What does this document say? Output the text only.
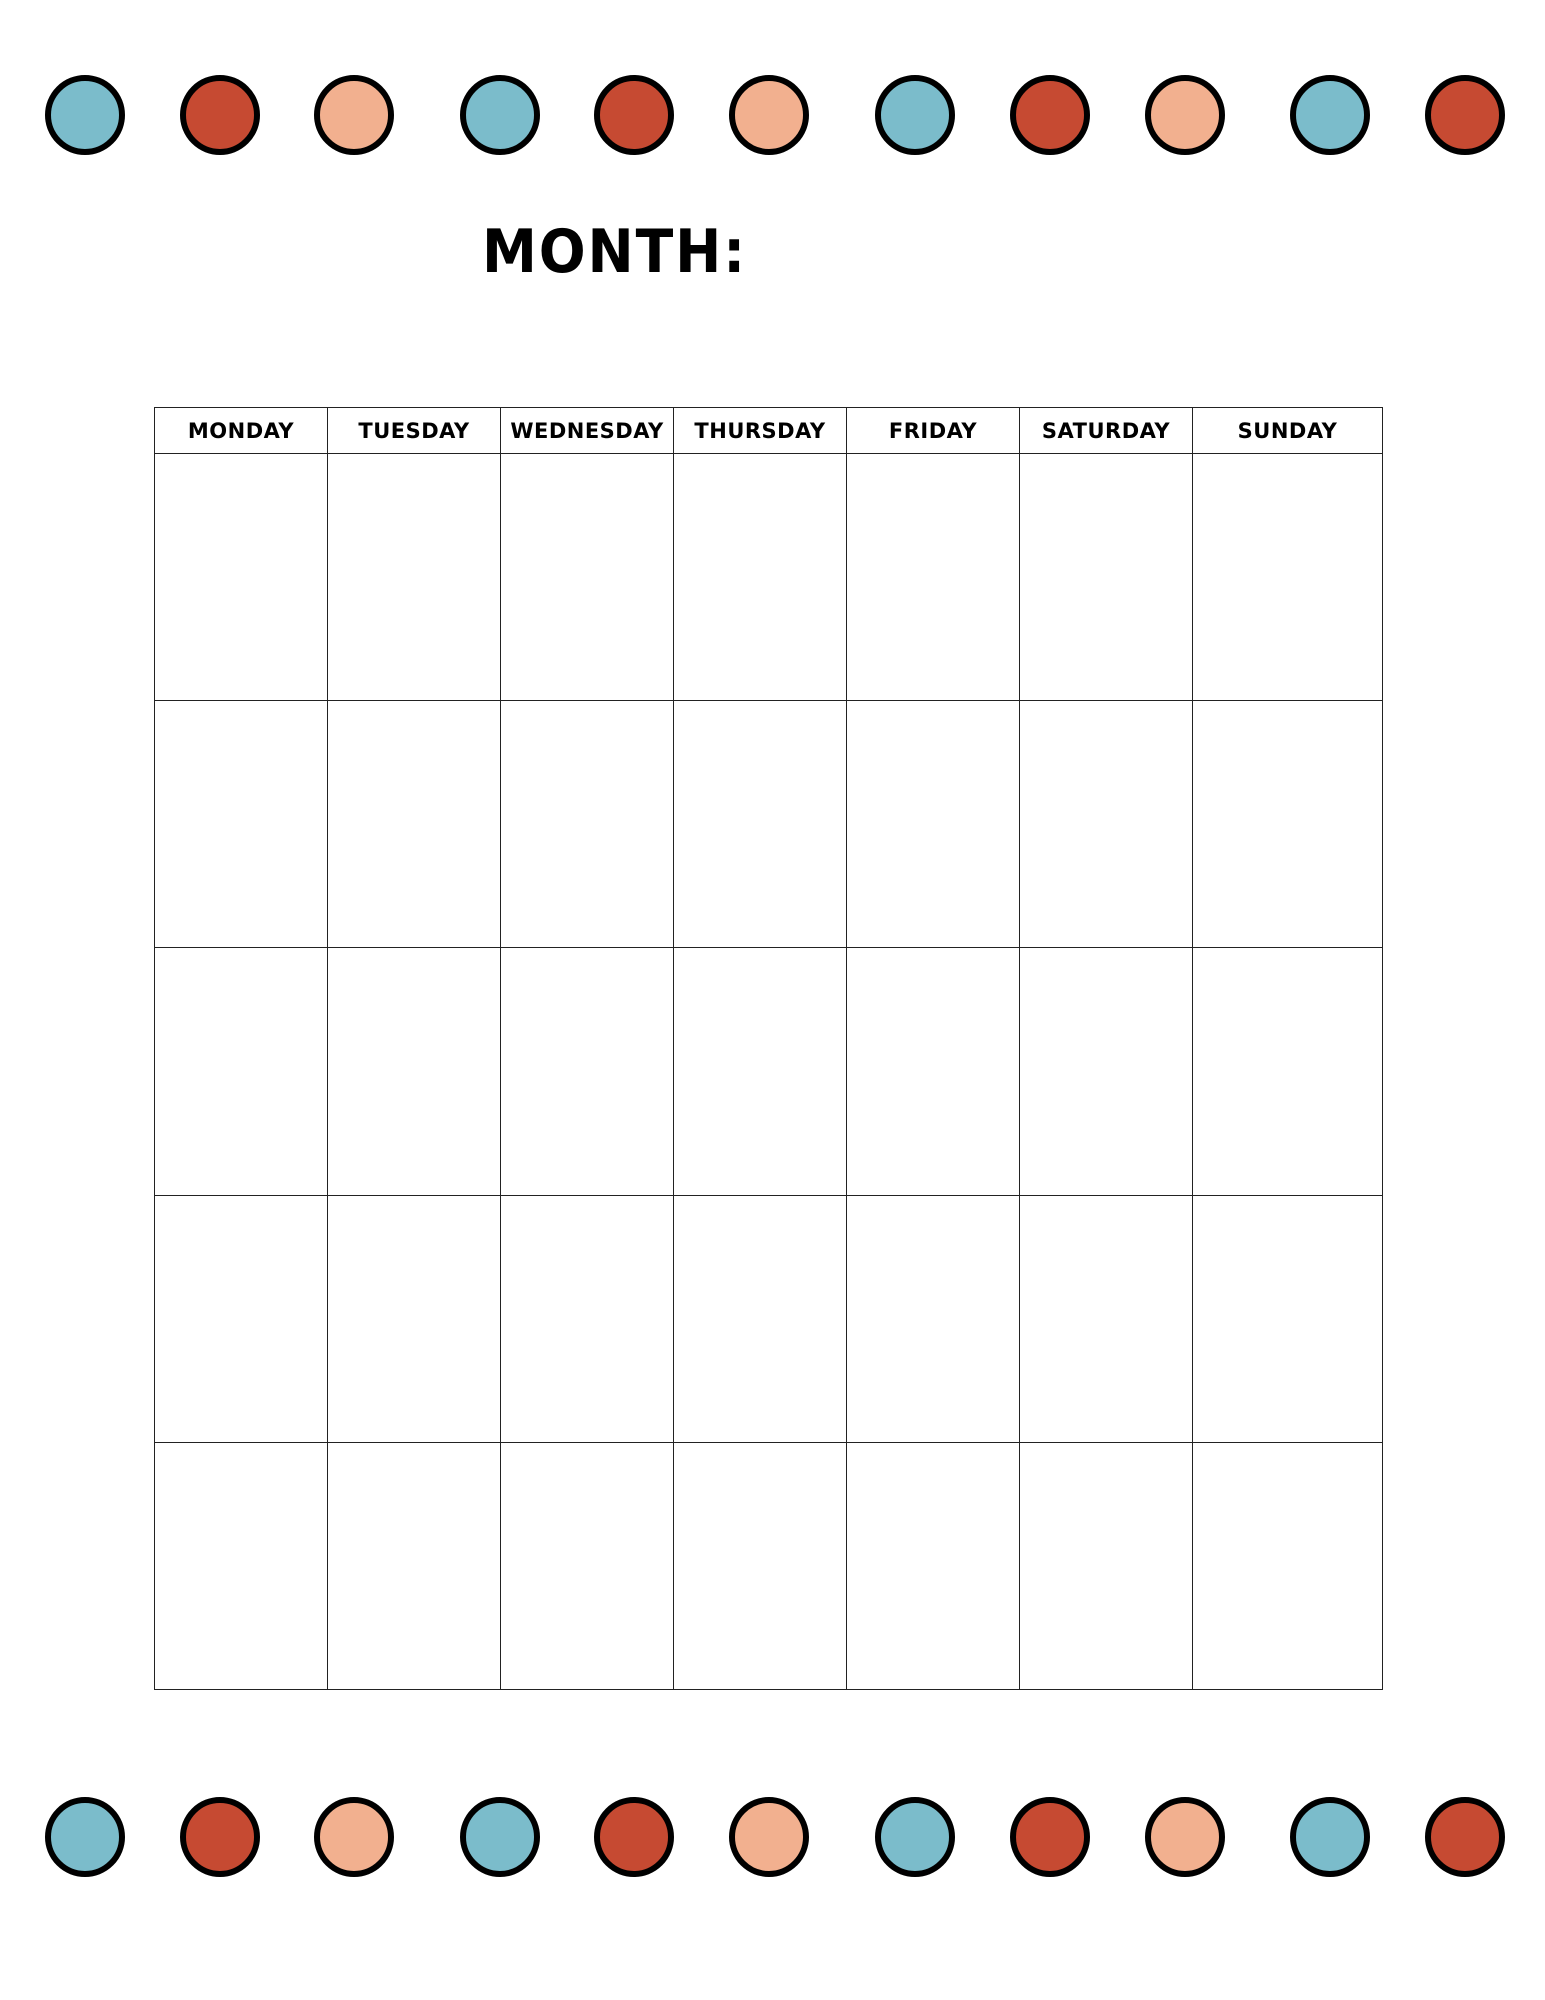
MONTH:
MONDAY	TUESDAY	WEDNESDAY	THURSDAY	FRIDAY	SATURDAY	SUNDAY
